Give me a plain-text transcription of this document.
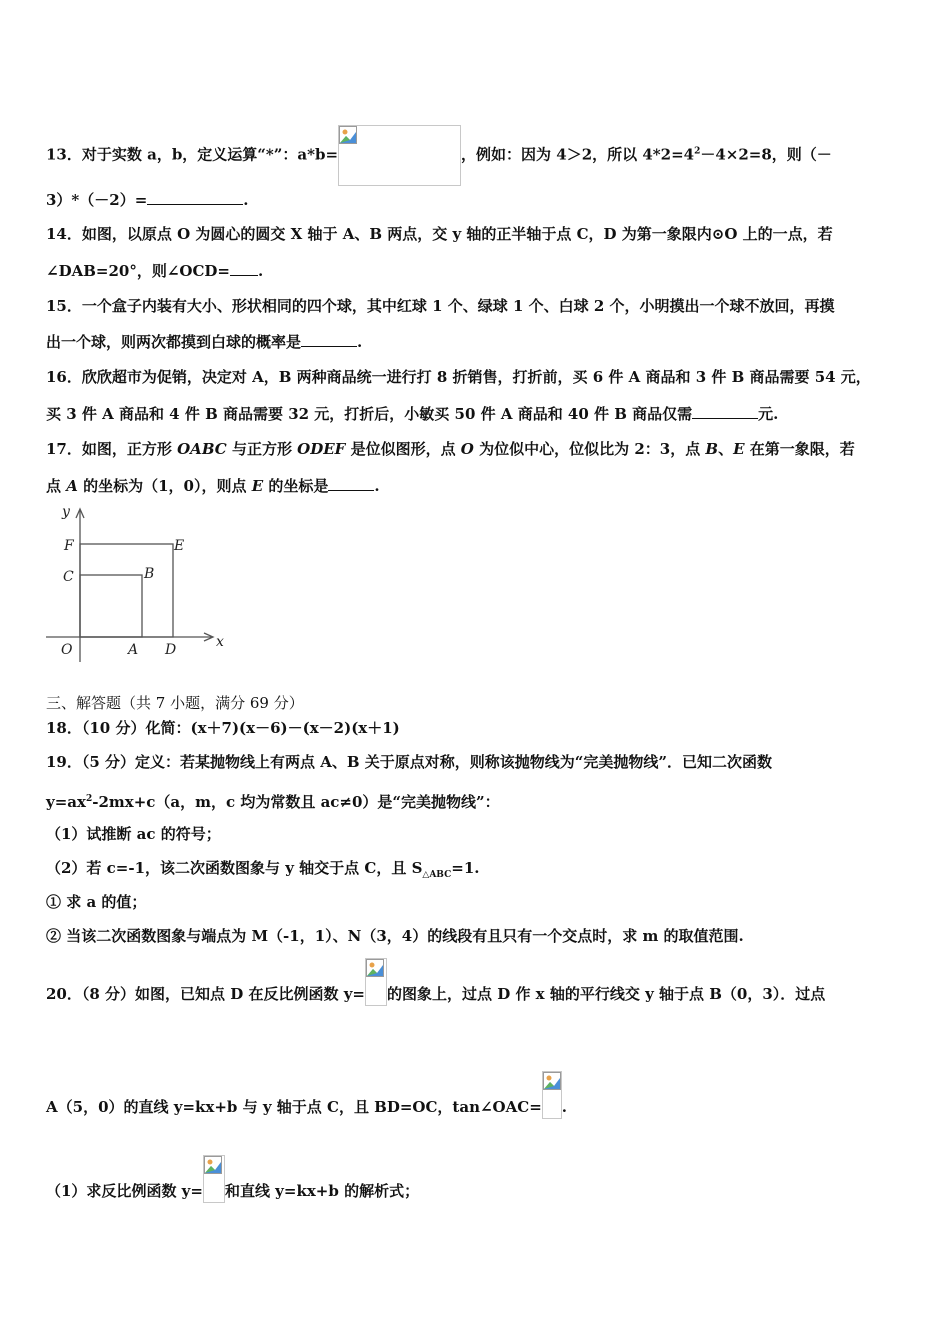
13．对于实数 a，b，定义运算“*”：a*b=	，例如：因为 4＞2，所以 $4*2=4^2-4\times 2=8$，则（－
3）*（－2）=	.
14．如图，以原点 O 为圆心的圆交 X 轴于 A、B 两点，交 y 轴的正半轴于点 C，D 为第一象限内⊙O 上的一点，若
∠DAB=20°，则∠OCD= .
15．一个盒子内装有大小、形状相同的四个球，其中红球 1 个、绿球 1 个、白球 2 个，小明摸出一个球不放回，再摸
出一个球，则两次都摸到白球的概率是	.
16．欣欣超市为促销，决定对 A，B 两种商品统一进行打 8 折销售，打折前，买 6 件 A 商品和 3 件 B 商品需要 54 元，
买 3 件 A 商品和 4 件 B 商品需要 32 元，打折后，小敏买 50 件 A 商品和 40 件 B 商品仅需	元.
17．如图，正方形 OABC 与正方形 ODEF 是位似图形，点 O 为位似中心，位似比为 2：3，点 B、E 在第一象限，若
点 A 的坐标为（1，0），则点 E 的坐标是	.
y
x
F	E
C	B
O	A D
三、解答题（共 7 小题，满分 69 分）
18．（10 分）化简：(x＋7)(x－6)－(x－2)(x＋1)
19．（5 分）定义：若某抛物线上有两点 A、B 关于原点对称，则称该抛物线为“完美抛物线”．已知二次函数
$y=ax^2-2mx+c(a$，m，c 均为常数且 ac≠0）是“完美抛物线”：
（1）试推断 ac 的符号；
（2）若 c=-1，该二次函数图象与 y 轴交于点 C，且 $S_{\triangle ABC}=1$.
① 求 a 的值；
② 当该二次函数图象与端点为 M（-1，1）、N（3，4）的线段有且只有一个交点时，求 m 的取值范围.
20．（8 分）如图，已知点 D 在反比例函数 y= 的图象上，过点 D 作 x 轴的平行线交 y 轴于点 B（0，3）．过点
A（5，0）的直线 y=kx+b 与 y 轴于点 C，且 BD=OC，tan∠OAC= .
（1）求反比例函数 y= 和直线 y=kx+b 的解析式；
